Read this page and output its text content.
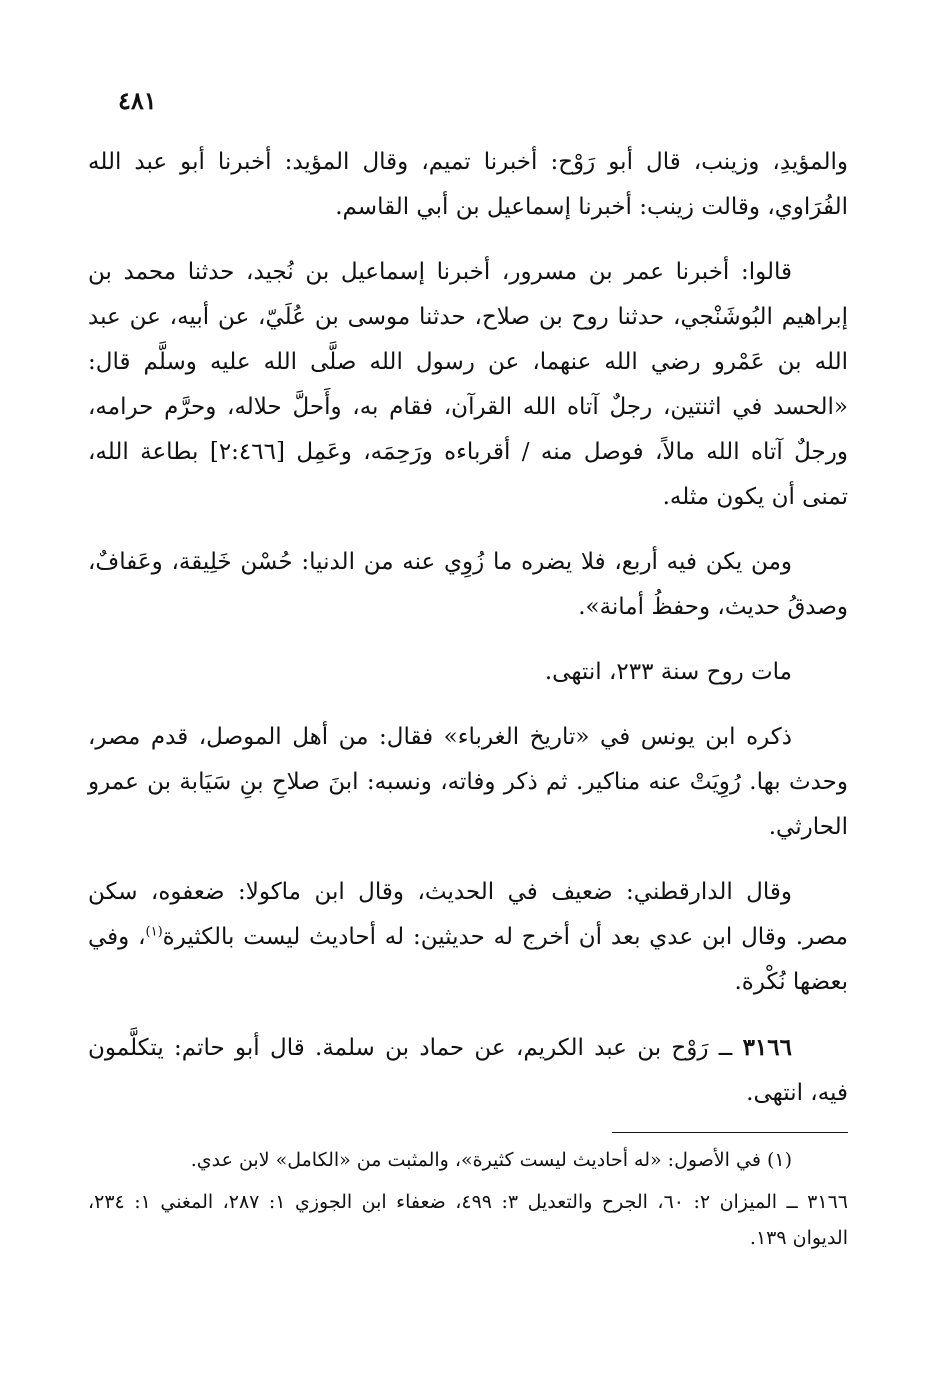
٤٨١

والمؤيدِ، وزينب، قال أبو رَوْح: أخبرنا تميم، وقال المؤيد: أخبرنا أبو عبد الله الفُرَاوي، وقالت زينب: أخبرنا إسماعيل بن أبي القاسم.

قالوا: أخبرنا عمر بن مسرور، أخبرنا إسماعيل بن نُجيد، حدثنا محمد بن إبراهيم البُوشَنْجي، حدثنا روح بن صلاح، حدثنا موسى بن عُلَيّ، عن أبيه، عن عبد الله بن عَمْرو رضي الله عنهما، عن رسول الله صلَّى الله عليه وسلَّم قال: «الحسد في اثنتين، رجلٌ آتاه الله القرآن، فقام به، وأَحلَّ حلاله، وحرَّم حرامه، ورجلٌ آتاه الله مالاً، فوصل منه / أقرباءه ورَحِمَه، وعَمِل [٢:٤٦٦] بطاعة الله، تمنى أن يكون مثله.

ومن يكن فيه أربع، فلا يضره ما زُوِي عنه من الدنيا: حُسْن خَلِيقة، وعَفافٌ، وصدقُ حديث، وحفظُ أمانة».

مات روح سنة ٢٣٣، انتهى.

ذكره ابن يونس في «تاريخ الغرباء» فقال: من أهل الموصل، قدم مصر، وحدث بها. رُوِيَتْ عنه مناكير. ثم ذكر وفاته، ونسبه: ابنَ صلاحِ بنِ سَيَابة بن عمرو الحارثي.

وقال الدارقطني: ضعيف في الحديث، وقال ابن ماكولا: ضعفوه، سكن مصر. وقال ابن عدي بعد أن أخرج له حديثين: له أحاديث ليست بالكثيرة$^{(١)}$، وفي بعضها نُكْرة.

٣١٦٦ ــ رَوْح بن عبد الكريم، عن حماد بن سلمة. قال أبو حاتم: يتكلَّمون فيه، انتهى.

(١) في الأصول: «له أحاديث ليست كثيرة»، والمثبت من «الكامل» لابن عدي.

٣١٦٦ ــ الميزان ٢: ٦٠، الجرح والتعديل ٣: ٤٩٩، ضعفاء ابن الجوزي ١: ٢٨٧، المغني ١: ٢٣٤، الديوان ١٣٩.
